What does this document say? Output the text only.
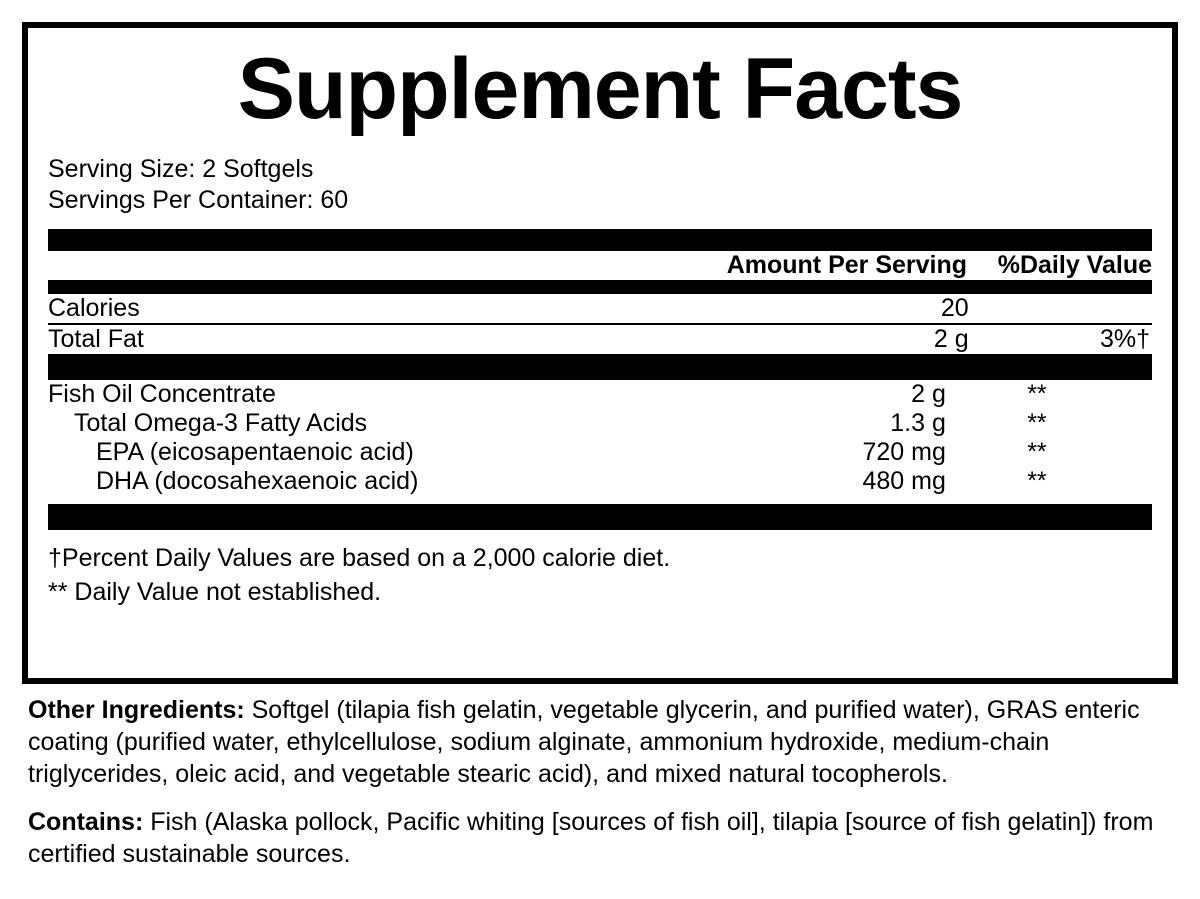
Supplement Facts
Serving Size: 2 Softgels
Servings Per Container: 60
	Amount Per Serving	%Daily Value
Calories	20	
Total Fat	2 g	3%†
Fish Oil Concentrate	2 g	**
Total Omega-3 Fatty Acids	1.3 g	**
EPA (eicosapentaenoic acid)	720 mg	**
DHA (docosahexaenoic acid)	480 mg	**
†Percent Daily Values are based on a 2,000 calorie diet.
** Daily Value not established.

Other Ingredients: Softgel (tilapia fish gelatin, vegetable glycerin, and purified water), GRAS enteric coating (purified water, ethylcellulose, sodium alginate, ammonium hydroxide, medium-chain triglycerides, oleic acid, and vegetable stearic acid), and mixed natural tocopherols.

Contains: Fish (Alaska pollock, Pacific whiting [sources of fish oil], tilapia [source of fish gelatin]) from certified sustainable sources.
